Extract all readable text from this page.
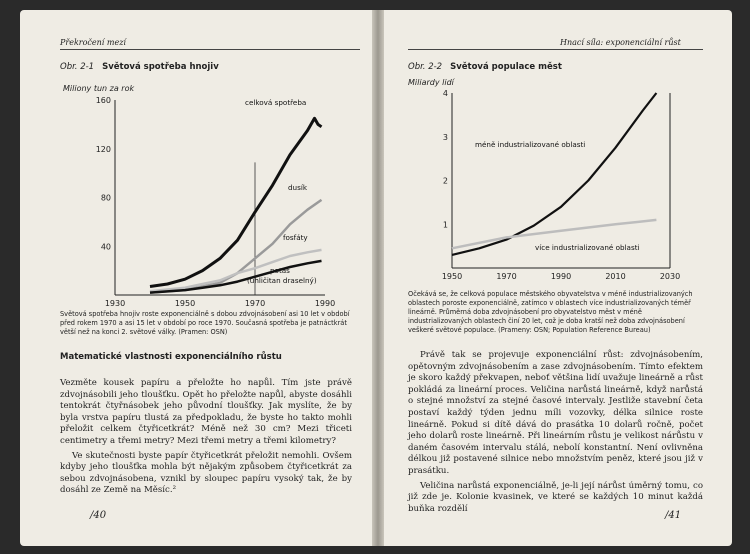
Překročení mezí
Obr. 2-1 Světová spotřeba hnojiv
Miliony tun za rok
1930	1950	1970	1990
40
80
120
160	celková spotřeba
dusík
fosfáty
potaš
(uhličitan draselný)
Světová spotřeba hnojiv roste exponenciálně s dobou zdvojnásobení asi 10 let v období před rokem 1970 a asi 15 let v období po roce 1970. Současná spotřeba je patnáctkrát větší než na konci 2. světové války. (Pramen: OSN)
Matematické vlastnosti exponenciálního růstu

Vezměte kousek papíru a přeložte ho napůl. Tím jste právě zdvojnásobili jeho tloušťku. Opět ho přeložte napůl, abyste dosáhli tentokrát čtyřnásobek jeho původní tloušťky. Jak myslíte, že by byla vrstva papíru tlustá za předpokladu, že byste ho takto mohli přeložit celkem čtyřicetkrát? Méně než 30 cm? Mezi třiceti centimetry a třemi metry? Mezi třemi metry a třemi kilometry?

Ve skutečnosti byste papír čtyřicetkrát přeložit nemohli. Ovšem kdyby jeho tloušťka mohla být nějakým způsobem čtyřicetkrát za sebou zdvojnásobena, vznikl by sloupec papíru vysoký tak, že by dosáhl ze Země na Měsíc.²

/40
Hnací síla: exponenciální růst
Obr. 2-2 Světová populace měst
Miliardy lidí
1950	1970	1990	2010	2030
1
2
3
4
méně industrializované oblasti
více industrializované oblasti
Očekává se, že celková populace městského obyvatelstva v méně industrializovaných oblastech poroste exponenciálně, zatímco v oblastech více industrializovaných téměř lineárně. Průměrná doba zdvojnásobení pro obyvatelstvo měst v méně industrializovaných oblastech činí 20 let, což je doba kratší než doba zdvojnásobení veškeré světové populace. (Prameny: OSN; Population Reference Bureau)

Právě tak se projevuje exponenciální růst: zdvojnásobením, opětovným zdvojnásobením a zase zdvojnásobením. Tímto efektem je skoro každý překvapen, neboť většina lidí uvažuje lineárně a růst pokládá za lineární proces. Veličina narůstá lineárně, když narůstá o stejné množství za stejné časové intervaly. Jestliže stavební četa postaví každý týden jednu míli vozovky, délka silnice roste lineárně. Pokud si dítě dává do prasátka 10 dolarů ročně, počet jeho dolarů roste lineárně. Při lineárním růstu je velikost nárůstu v daném časovém intervalu stálá, nebolí konstantní. Není ovlivněna délkou již postavené silnice nebo množstvím peněz, které jsou již v prasátku.

Veličina narůstá exponenciálně, je-li její nárůst úměrný tomu, co již zde je. Kolonie kvasinek, ve které se každých 10 minut každá buňka rozdělí

/41
